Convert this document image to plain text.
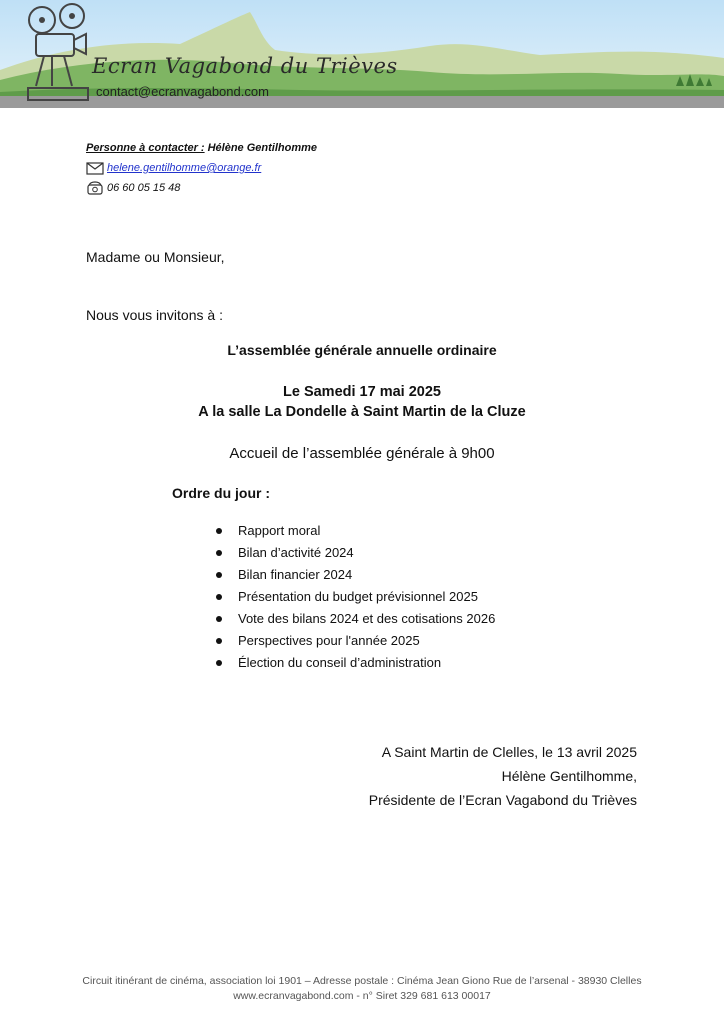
Ecran Vagabond du Trièves
contact@ecranvagabond.com
Personne à contacter : Hélène Gentilhomme
helene.gentilhomme@orange.fr
06 60 05 15 48
Madame ou Monsieur,
Nous vous invitons à :
L’assemblée générale annuelle ordinaire
Le Samedi 17 mai 2025
A la salle La Dondelle à Saint Martin de la Cluze
Accueil de l’assemblée générale à 9h00
Ordre du jour :
Rapport moral
Bilan d’activité 2024
Bilan financier 2024
Présentation du budget prévisionnel 2025
Vote des bilans 2024 et des cotisations 2026
Perspectives pour l'année 2025
Élection du conseil d’administration
A Saint Martin de Clelles, le 13 avril 2025
Hélène Gentilhomme,
Présidente de l’Ecran Vagabond du Trièves
Circuit itinérant de cinéma, association loi 1901 – Adresse postale : Cinéma Jean Giono Rue de l’arsenal - 38930 Clelles
www.ecranvagabond.com - n° Siret 329 681 613 00017
